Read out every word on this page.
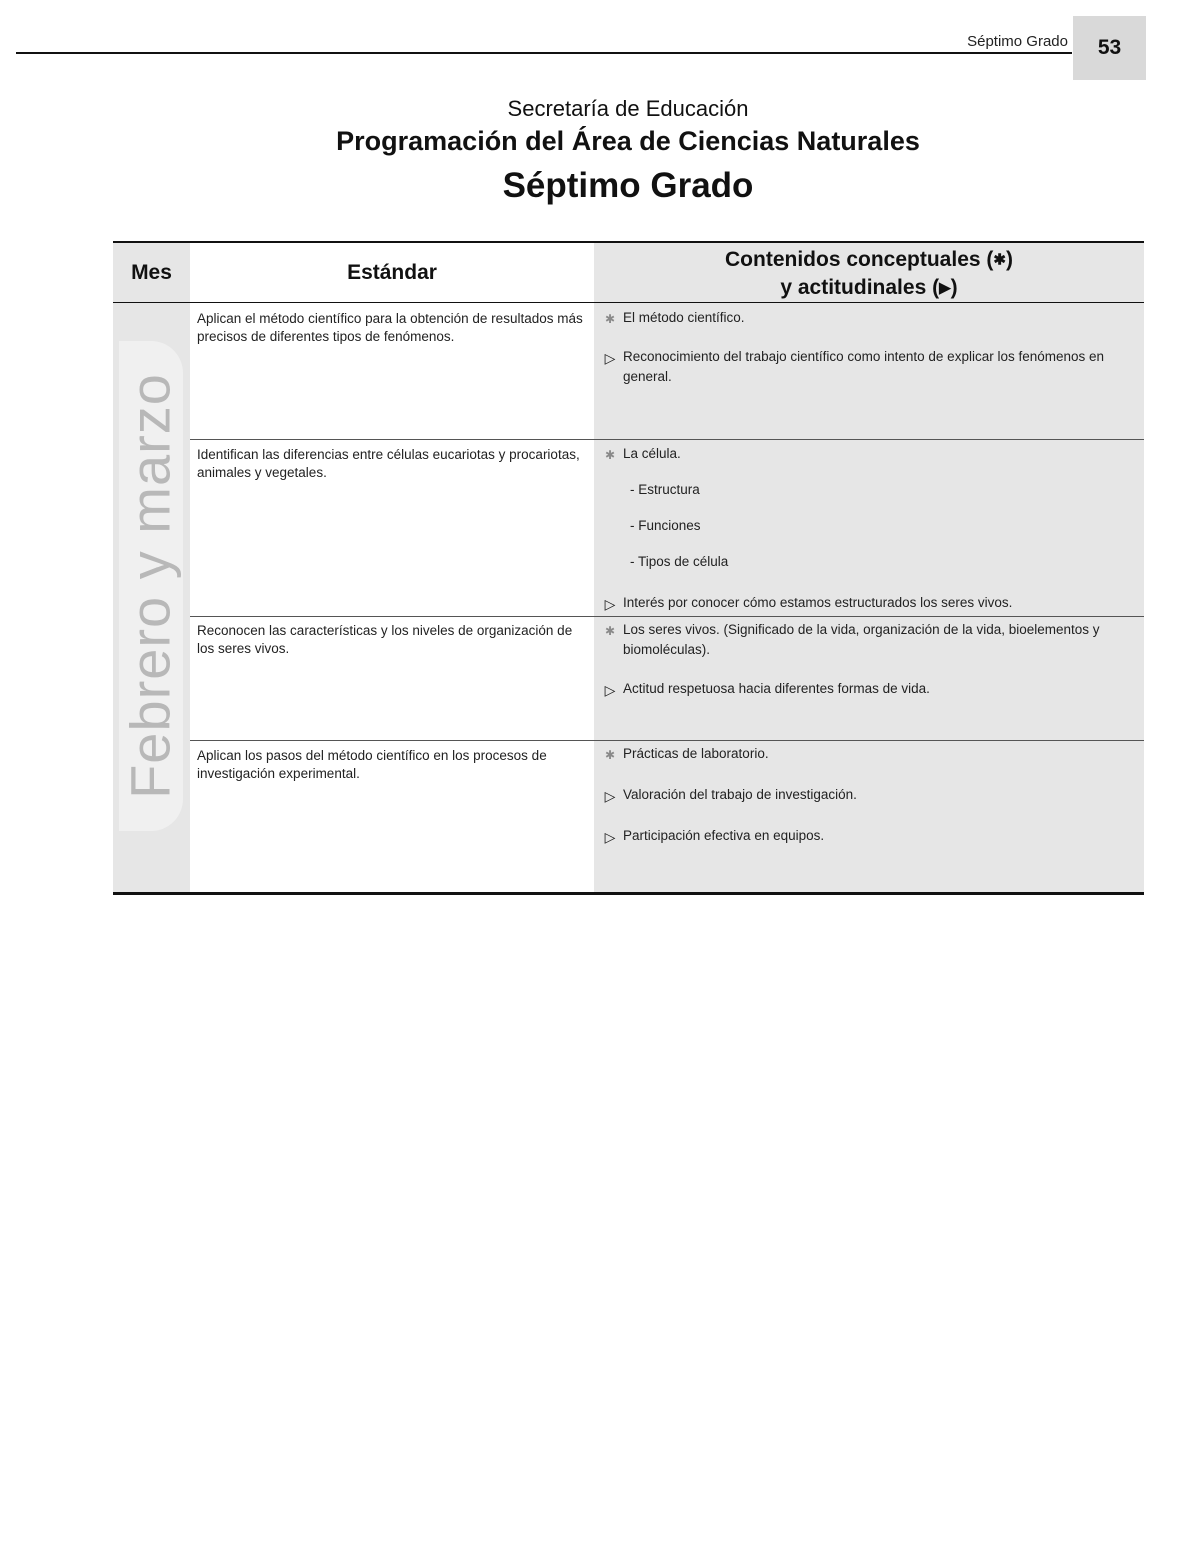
Séptimo Grado	53
Secretaría de Educación
Programación del Área de Ciencias Naturales
Séptimo Grado
Mes	Estándar
Contenidos conceptuales (✱)
y actitudinales (▶)
Febrero y marzo
Aplican el método científico para la obtención de resultados más precisos de diferentes tipos de fenómenos.
✱ El método científico.
▷ Reconocimiento del trabajo científico como intento de explicar los fenómenos en general.
Identifican las diferencias entre células eucariotas y procariotas, animales y vegetales.
✱ La célula.
- Estructura
- Funciones
- Tipos de célula
▷ Interés por conocer cómo estamos estructurados los seres vivos.
Reconocen las características y los niveles de organización de los seres vivos.
✱ Los seres vivos. (Significado de la vida, organización de la vida, bioelementos y biomoléculas).
▷ Actitud respetuosa hacia diferentes formas de vida.
Aplican los pasos del método científico en los procesos de investigación experimental.
✱ Prácticas de laboratorio.
▷ Valoración del trabajo de investigación.
▷ Participación efectiva en equipos.
